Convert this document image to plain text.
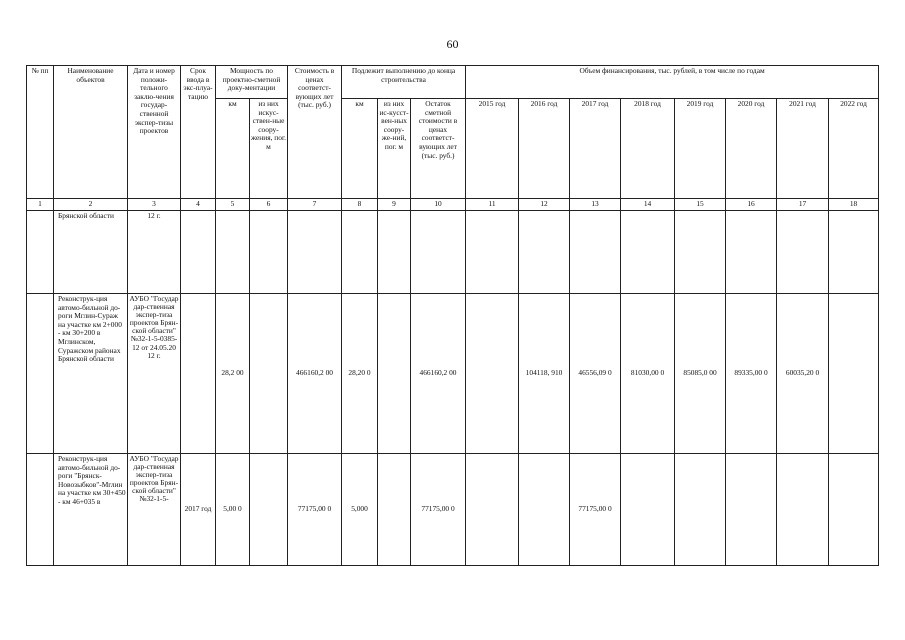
60
№ пп	Наименование объектов	Дата и номер положи-тельного заклю-чения государ-ственной экспер-тизы проектов	Срок ввода в экс-плуа-тацию	Мощность по проектно-сметной доку-ментации		Стоимость в ценах соответст-вующих лет (тыс. руб.)	Подлежит выполнению до конца строительства			Объем финансирования, тыс. рублей, в том числе по годам							
				км	из них искус-ствен-ные соору-жения, пог. м		км	из них ис-кусст-вен-ных соору-же-ний, пог. м	Остаток сметной стоимости в ценах соответст-вующих лет (тыс. руб.)	2015 год	2016 год	2017 год	2018 год	2019 год	2020 год	2021 год	2022 год
1	2	3	4	5	6	7	8	9	10	11	12	13	14	15	16	17	18
	Брянской области	12 г.															
	Реконструк-ция автомо-бильной до-роги Мглин-Сураж на участке км 2+000 - км 30+200 в Мглинском, Суражском районах Брянской области	АУБО "Государ дар-ственная экспер-тиза проектов Брян-ской области" №32-1-5-0385-12 от 24.05.20 12 г.		28,2 00		466160,2 00	28,20 0		466160,2 00		104118, 910	46556,09 0	81030,00 0	85085,0 00	89335,00 0	60035,20 0	
	Реконструк-ция автомо-бильной до-роги "Брянск-Новозыбков"-Мглин на участке км 30+450 - км 46+035 в	АУБО "Государ дар-ственная экспер-тиза проектов Брян-ской области" №32-1-5-	2017 год	5,00 0		77175,00 0	5,000		77175,00 0			77175,00 0					
